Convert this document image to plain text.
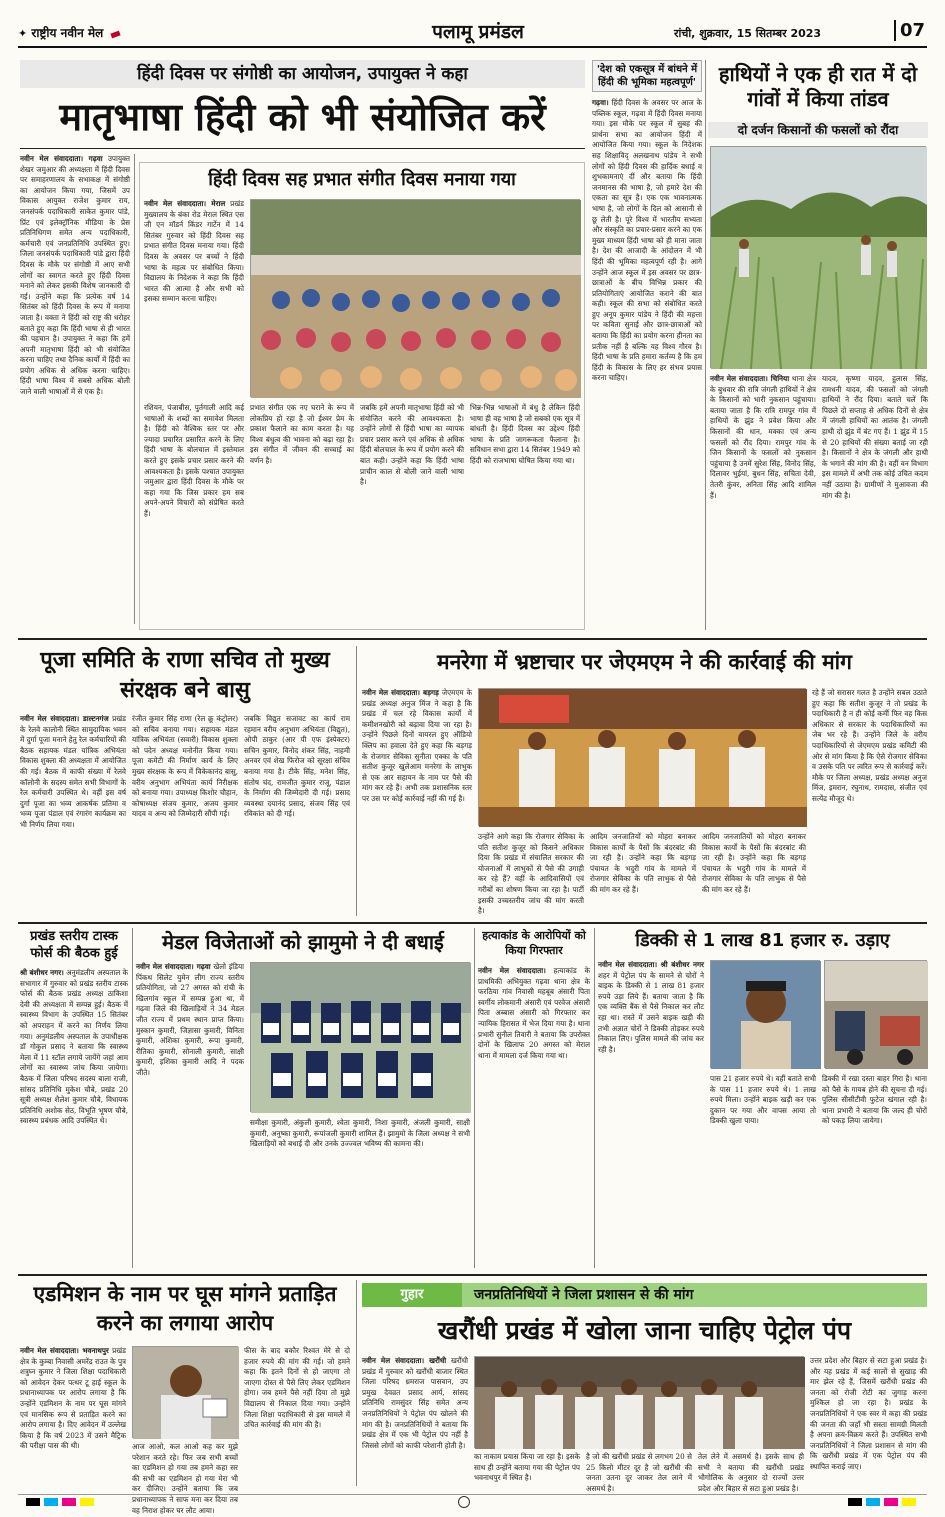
✦ राष्ट्रीय नवीन मेल	पलामू प्रमंडल	रांची, शुक्रवार, 15 सितम्बर 2023	07
हिंदी दिवस पर संगोष्ठी का आयोजन, उपायुक्त ने कहा
मातृभाषा हिंदी को भी संयोजित करें
नवीन मेल संवाददाता। गढ़वा उपायुक्त शेखर जमुआर की अध्यक्षता में हिंदी दिवस पर समाहरणालय के सभाकक्ष में संगोष्ठी का आयोजन किया गया, जिसमें उप विकास आयुक्त राजेश कुमार राय, जनसंपर्क पदाधिकारी साकेत कुमार पांडे, प्रिंट एवं इलेक्ट्रॉनिक मीडिया के प्रेस प्रतिनिधिगण समेत अन्य पदाधिकारी, कर्मचारी एवं जनप्रतिनिधि उपस्थित हुए। जिला जनसंपर्क पदाधिकारी पांडे द्वारा हिंदी दिवस के मौके पर संगोष्ठी में आए सभी लोगों का स्वागत करते हुए हिंदी दिवस मनाने को लेकर इसकी विशेष जानकारी दी गई। उन्होंने कहा कि प्रत्येक वर्ष 14 सितंबर को हिंदी दिवस के रूप में मनाया जाता है। वक्ता ने हिंदी को राष्ट्र की धरोहर बताते हुए कहा कि हिंदी भाषा से ही भारत की पहचान है। उपायुक्त ने कहा कि हमें अपनी मातृभाषा हिंदी को भी संयोजित करना चाहिए तथा दैनिक कार्यों में हिंदी का प्रयोग अधिक से अधिक करना चाहिए। हिंदी भाषा विश्व में सबसे अधिक बोली जाने वाली भाषाओं में से एक है।
हिंदी दिवस सह प्रभात संगीत दिवस मनाया गया
नवीन मेल संवाददाता। मेराल प्रखंड मुख्यालय के बंका रोड मेराल स्थित एस जी एन मॉडर्न किंडर गार्टेन में 14 सितंबर गुरुवार को हिंदी दिवस सह प्रभात संगीत दिवस मनाया गया। हिंदी दिवस के अवसर पर बच्चों ने हिंदी भाषा के महत्व पर संबोधित किया। विद्यालय के निदेशक ने कहा कि हिंदी भारत की आत्मा है और सभी को इसका सम्मान करना चाहिए।
रशियन, पंजाबीस, पुर्तगाली आदि कई भाषाओं के शब्दों का समावेश मिलता है। हिंदी को वैश्विक स्तर पर और ज्यादा प्रचारित प्रसारित करने के लिए हिंदी भाषा के बोलचाल में इस्तेमाल करते हुए इसके प्रचार प्रसार करने की आवश्यकता है। इसके पश्चात उपायुक्त जमुआर द्वारा हिंदी दिवस के मौके पर कहा गया कि जिस प्रकार हम सब अपने-अपने विचारों को संप्रेषित करते हैं।
प्रभात संगीत एक नए घराने के रूप में लोकप्रिय हो रहा है जो ईश्वर प्रेम के प्रकाश फैलाने का काम करता है। यह विश्व बंधुत्व की भावना को बढ़ा रहा है। इस संगीत में जीवन की सच्चाई का वर्णन है।
जबकि हमें अपनी मातृभाषा हिंदी को भी संयोजित करने की आवश्यकता है। उन्होंने लोगों से हिंदी भाषा का व्यापक प्रचार प्रसार करने एवं अधिक से अधिक हिंदी बोलचाल के रूप में प्रयोग करने की बात कही। उन्होंने कहा कि हिंदी भाषा प्राचीन काल से बोली जाने वाली भाषा है।
भिन्न-भिन्न भाषाओं में बंधु है लेकिन हिंदी भाषा ही वह भाषा है जो सबको एक सूत्र में बांधती है। हिंदी दिवस का उद्देश्य हिंदी भाषा के प्रति जागरूकता फैलाना है। सविधान सभा द्वारा 14 सितंबर 1949 को हिंदी को राजभाषा घोषित किया गया था।
'देश को एकसूत्र में बांधने में हिंदी की भूमिका महत्वपूर्ण'
गढ़वा। हिंदी दिवस के अवसर पर आज के पब्लिक स्कूल, गढ़वा में हिंदी दिवस मनाया गया। इस मौके पर स्कूल में सुबह की प्रार्थना सभा का आयोजन हिंदी में आयोजित किया गया। स्कूल के निदेशक सह शिक्षाविद् अलखनाथ पांडेय ने सभी लोगों को हिंदी दिवस की हार्दिक बधाई व शुभकामनाएं दीं और बताया कि हिंदी जनमानस की भाषा है, जो हमारे देश की एकता का सूत्र है। एक एक भावनात्मक भाषा है, जो लोगों के दिल को आसानी से छू लेती है। पूरे विश्व में भारतीय सभ्यता और संस्कृति का प्रचार-प्रसार करने का एक मुख्य माध्यम हिंदी भाषा को ही माना जाता है। देश की आजादी के आंदोलन में भी हिंदी की भूमिका महत्वपूर्ण रही है। आगे उन्होंने आज स्कूल में इस अवसर पर छात्र-छात्राओं के बीच विभिन्न प्रकार की प्रतियोगिताएं आयोजित कराने की बात कही। स्कूल की सभा को संबोधित करते हुए अनूप कुमार पांडेय ने हिंदी की महत्ता पर कविता सुनाई और छात्र-छात्राओं को बताया कि हिंदी का प्रयोग करना हीनता का प्रतीक नहीं है बल्कि यह विश्व गौरव है। हिंदी भाषा के प्रति हमारा कर्तव्य है कि हम हिंदी के विकास के लिए हर संभव प्रयास करना चाहिए।
हाथियों ने एक ही रात में दो गांवों में किया तांडव
दो दर्जन किसानों की फसलों को रौंदा
नवीन मेल संवाददाता। चिनिया थाना क्षेत्र के बुधवार की रात्रि जंगली हाथियों ने क्षेत्र के किसानों को भारी नुकसान पहुंचाया। बताया जाता है कि रात्रि रामपुर गांव में हाथियों के झुंड ने प्रवेश किया और किसानों की धान, मक्का एवं अन्य फसलों को रौंद दिया। रामपुर गांव के जिन किसानों के फसलों को नुकसान पहुंचाया है उनमें सुरेश सिंह, विनोद सिंह, दिलावर भुईयां, बुधन सिंह, सचिता देवी, तेतरी कुंवर, अनिता सिंह आदि शामिल हैं।
यादव, कृष्णा यादव, हुलास सिंह, रामधनी यादव, की फसलों को जंगली हाथियों ने रौंद दिया। बताते चलें कि पिछले दो सप्ताह से अधिक दिनों से क्षेत्र में जंगली हाथियों का आतंक है। जंगली हाथी दो झुंड में बंट गए हैं। 1 झुंड में 15 से 20 हाथियों की संख्या बताई जा रही है। किसानों ने क्षेत्र के जंगली और हाथी के भगाने की मांग की है। वहीं वन विभाग इस मामले में अभी तक कोई उचित कदम नहीं उठाया है। ग्रामीणों ने मुआवजा की मांग की है।
पूजा समिति के राणा सचिव तो मुख्य संरक्षक बने बासु
नवीन मेल संवाददाता। डाल्टनगंज प्रखंड के रेलवे कालोनी स्थित सामुदायिक भवन में दुर्गा पूजा मनाने हेतु रेल कर्मचारियों की बैठक सहायक मंडल यांत्रिक अभियंता विकास शुक्ला की अध्यक्षता में आयोजित की गई। बैठक में काफी संख्या में रेलवे कॉलोनी के सदस्य समेत सभी विभागों के रेल कर्मचारी उपस्थित थे। वहीं इस वर्ष दुर्गा पूजा का भव्य आकर्षक प्रतिमा व भव्य पूजा पंडाल एवं रंगारंग कार्यक्रम का भी निर्णय लिया गया।
रंजीत कुमार सिंह राणा (रेल क्रू कंट्रोलर) को सचिव बनाया गया। सहायक मंडल यांत्रिक अभियंता (सवारी) विकास शुक्ला को पदेन अध्यक्ष मनोनीत किया गया। पूजा कमेटी की निर्माण कार्य के लिए मुख्य संरक्षक के रूप में विकेकानंद बासु, वरीय अनुभाग अभियंता कार्य निरीक्षक को बनाया गया। उपाध्यक्ष किशोर चौहान, कोषाध्यक्ष संजय कुमार, अजय कुमार यादव व अन्य को जिम्मेदारी सौंपी गई।
जबकि विद्युत सजावट का कार्य राम रहमान वरीय अनुभाग अभियंता (विद्युत), ओपी ठाकुर (आर पी एफ इंस्पेक्टर) सचिन कुमार, विनोद शंकर सिंह, नाहमी अनवर एवं शेख फिरोज को सूरक्षा संचिव बनाया गया है। टीके सिंह, मनेश सिंह, संतोष चंद, रामजीत कुमार राजू, पंडाल के निर्माण की जिम्मेदारी दी गई। प्रसाद व्यवस्था दयानंद प्रसाद, संजय सिंह एवं रविकांत को दी गई।
मनरेगा में भ्रष्टाचार पर जेएमएम ने की कार्रवाई की मांग
नवीन मेल संवाददाता। बड़गड़ जेएमएम के प्रखंड अध्यक्ष अनुज मिंज ने कहा है कि प्रखंड में चल रहे विकास कार्यों में कमीशनखोरी को बढ़ावा दिया जा रहा है। उन्होंने पिछले दिनों वायरल हुए ऑडियो क्लिप का हवाला देते हुए कहा कि बड़गड़ के रोजगार सेविका सुनीता एक्का के पति सतीश कुजूर खुलेआम मनरेगा के लाभुक से एक आर सहायन के नाम पर पैसे की मांग कर रहे हैं। अभी तक प्रशासनिक स्तर पर उस पर कोई कार्रवाई नहीं की गई है।
उन्होंने आगे कहा कि रोजगार सेविका के पति सतीश कुजूर को किसने अधिकार दिया कि प्रखंड में संचालित सरकार की योजनाओं में लाभुकों से पैसे की उगाही कर रहे हैं? वहीं के आदिवासियों एवं गरीबों का शोषण किया जा रहा है। पार्टी इसकी उच्चस्तरीय जांच की मांग करती है।
आदिम जनजातियों को मोहरा बनाकर विकास कार्यों के पैसों कि बंदरबांट की जा रही है। उन्होंने कहा कि बड़गड़ पंचायत के भदुरी गांव के मामले में रोजगार सेविका के पति लाभुक से पैसे की मांग कर रहे हैं।
आदिम जनजातियों को मोहरा बनाकर विकास कार्यों के पैसों कि बंदरबांट की जा रही है। उन्होंने कहा कि बड़गड़ पंचायत के भदुरी गांव के मामले में रोजगार सेविका के पति लाभुक से पैसे की मांग कर रहे हैं।
रहे हैं जो सरासर गलत है उन्होंने सबल उठाते हुए कहा कि सतीश कुजूर ने तो प्रखंड के पदाधिकारी है न ही कोई कर्मी फिर वह किस अधिकार से सरकार के पदाधिकारियों का जेब भर रहे हैं। उन्होंने जिले के वरीय पदाधिकारियों से जेएमएम प्रखंड कमिटी की ओर से मांग किया है कि ऐसे रोजगार सेविका व उसके पति पर त्वरित रूप से कार्रवाई करें। मौके पर जिला अध्यक्ष, प्रखंड अध्यक्ष अनुज मिंज, इमरान, रघुनाथ, रामदास, संजीत एवं सत्येंद्र मौजूद थे।
प्रखंड स्तरीय टास्क फोर्स की बैठक हुई
श्री बंशीधर नगर। अनुमंडलीय अस्पताल के सभागार में गुरुवार को प्रखंड स्तरीय टास्क फोर्स की बैठक प्रखंड अध्यक्ष ठाकिशा देवी की अध्यक्षता में सम्पन्न हुई। बैठक में स्वास्थ्य विभाग के उपस्थित 15 सितंबर को अपराहन में करने का निर्णय लिया गया। अनुमंडलीय अस्पताल के उपाधीक्षक डॉ गोकुल प्रसाद ने बताया कि स्वास्थ्य मेला में 11 स्टॉल लगाये जायेंगे जहां आम लोगों का स्वास्थ्य जांच किया जायेगा। बैठक में जिला परिषद सदस्य बाला राजी, सांसद प्रतिनिधि मुकेश चौबे, प्रखंड 20 सूत्री अध्यक्ष शैलेश कुमार चौबे, विधायक प्रतिनिधि अशोक सेठ, विभूति भूषण चौबे, स्वास्थ्य प्रबंधक आदि उपस्थित थे।
मेडल विजेताओं को झामुमो ने दी बधाई
नवीन मेल संवाददाता। गढ़वा खेलो इंडिया पिंकथ सिलेट युमेन लीग राज्य स्तरीय प्रतियोगिता, जो 27 अगस्त को रांची के खिलगांव स्कूल में सम्पन्न हुआ था, में गढ़वा जिले की खिलाड़ियों ने 34 मेडल जीत राज्य में प्रथम स्थान प्राप्त किया। मुस्कान कुमारी, जिज्ञासा कुमारी, विनिता कुमारी, अंशिका कुमारी, रूपा कुमारी, रीतिका कुमारी, सोनाली कुमारी, साक्षी कुमारी, इशिका कुमारी आदि ने पदक जीते।
समीक्षा कुमारी, अंकुली कुमारी, श्वेता कुमारी, निशा कुमारी, अंजली कुमारी, साक्षी कुमारी, अनुष्का कुमारी, रूपांजली कुमारी शामिल हैं। झामुमो के जिला अध्यक्ष ने सभी खिलाड़ियों को बधाई दी और उनके उज्ज्वल भविष्य की कामना की।
हत्याकांड के आरोपियों को किया गिरफ्तार
नवीन मेल संवाददाता। हत्याकांड के प्राथमिकी अभियुक्त गढ़वा थाना क्षेत्र के फरठिया गांव निवासी महबूब अंसारी पिता स्वर्गीय लोकमानी अंसारी एवं परवेज अंसारी पिता अब्बास अंसारी को गिरफ्तार कर न्यायिक हिरासत में भेज दिया गया है। थाना प्रभारी सुनील तिवारी ने बताया कि उपरोक्त दोनों के खिलाफ 20 अगस्त को मेराल थाना में मामला दर्ज किया गया था।
डिक्की से 1 लाख 81 हजार रु. उड़ाए
नवीन मेल संवाददाता। श्री बंशीधर नगर शहर में पेट्रोल पंप के सामने से चोरों ने बाइक के डिक्की से 1 लाख 81 हजार रुपये उड़ा लिये हैं। बताया जाता है कि एक व्यक्ति बैंक से पैसे निकाल कर लौट रहा था। रास्ते में उसने बाइक खड़ी की तभी अज्ञात चोरों ने डिक्की तोड़कर रुपये निकाल लिए। पुलिस मामले की जांच कर रही है।
पास 21 हजार रुपये थे। वहीं बताते सभी के पास 11 हजार रुपये थे। 1 लाख रुपये मिला। उन्होंने बाइक खड़ी कर एक दुकान पर गया और वापस आया तो डिक्की खुला पाया।
डिक्की में रखा दस्ता बाहर गिरा है। थाना को पैसे के गायब होने की सूचना दी गई। पुलिस सीसीटीवी फुटेज खंगाल रही है। थाना प्रभारी ने बताया कि जल्द ही चोरों को पकड़ लिया जायेगा।
एडमिशन के नाम पर घूस मांगने प्रताड़ित करने का लगाया आरोप
नवीन मेल संवाददाता। भवनाथपुर प्रखंड क्षेत्र के कुम्बा निवासी अमरेंद्र राउत के पुत्र शत्रुघ्न कुमार ने जिला शिक्षा पदाधिकारी को आवेदन देकर पत्थर टू हाई स्कूल के प्रधानाध्यापक पर आरोप लगाया है कि उन्होंने एडमिशन के नाम पर घूस मांगने एवं मानसिक रूप से प्रताड़ित करने का आरोप लगाया है। दिए आवेदन में उल्लेख किया है कि वर्ष 2023 में उसने मैट्रिक की परीक्षा पास की थी।	आज आओ, कल आओ कह कर मुझे परेशान करते रहे। फिर जब सभी बच्चों का एडमिशन हो गया तब हमने कहा सर की सभी का एडमिशन हो गया मेरा भी कर दीजिए। उन्होंने बताया कि जब प्रधानाध्यापक ने साफ मना कर दिया तब वह निराश होकर घर लौट आया।
फीस के बाद बकौर रिश्वत मेरे से दो हजार रुपये की मांग की गई। जो हमने कहा कि इतने दिनों से हो जाएगा तो जाएगा दोस्त से पैसे लिए लेकर एडमिशन होगा। जब हमने पैसे नहीं दिया तो मुझे विद्यालय से निकाल दिया गया। उन्होंने जिला शिक्षा पदाधिकारी से इस मामले में उचित कार्रवाई की मांग की है।
गुहार	जनप्रतिनिधियों ने जिला प्रशासन से की मांग
खरौंधी प्रखंड में खोला जाना चाहिए पेट्रोल पंप
नवीन मेल संवाददाता। खरौंधी खरौंधी प्रखंड में गुरुवार को खरौंधी बाजार स्थित जिला परिषद ध्रमराज पासवान, उप प्रमुख देवव्रत प्रसाद आर्य, सांसद प्रतिनिधि रामसुंदर सिंह समेत अन्य जनप्रतिनिधियों ने पेट्रोल पंप खोलने की मांग की है। जनप्रतिनिधियों ने बताया कि प्रखंड क्षेत्र में एक भी पेट्रोल पंप नहीं है जिससे लोगों को काफी परेशानी होती है।
का नाकाम प्रयास किया जा रहा है। इसके साथ ही उन्होंने बताया गया की पेट्रोल पंप भवनाथपुर में स्थित है।
है जो की खरौंधी प्रखंड से लगभग 20 से 25 किलो मीटर दूर है जो खरौंधी की जनता उतना दूर जाकर तेल लाने में असमर्थ है।
तेल लेने में असमर्थ है। इसके साथ ही सभी ने बताया की खरौंधी प्रखंड भौगोलिक के अनुसार दो राज्यों उत्तर प्रदेश और बिहार से सटा हुआ प्रखंड है।
उत्तर प्रदेश और बिहार से सटा हुआ प्रखंड है। और यह प्रखंड में कई सालों से सुखाड़ की मार झेल रहे हैं, जिसमें खरौंधी प्रखंड की जनता को रोजी रोटी का जुगाड़ करना मुश्किल हो जा रहा है। प्रखंड के जनप्रतिनिधियों ने एक स्वर में कहा की प्रखंड की जनता की जहाँ भी सस्ता सामग्री मिलती है अपना क्रय-विक्रय करते हैं। उपस्थित सभी जनप्रतिनिधियों ने जिला प्रशासन से मांग की कि खरौंधी प्रखंड में एक पेट्रोल पंप की स्थापित कराई जाए।
